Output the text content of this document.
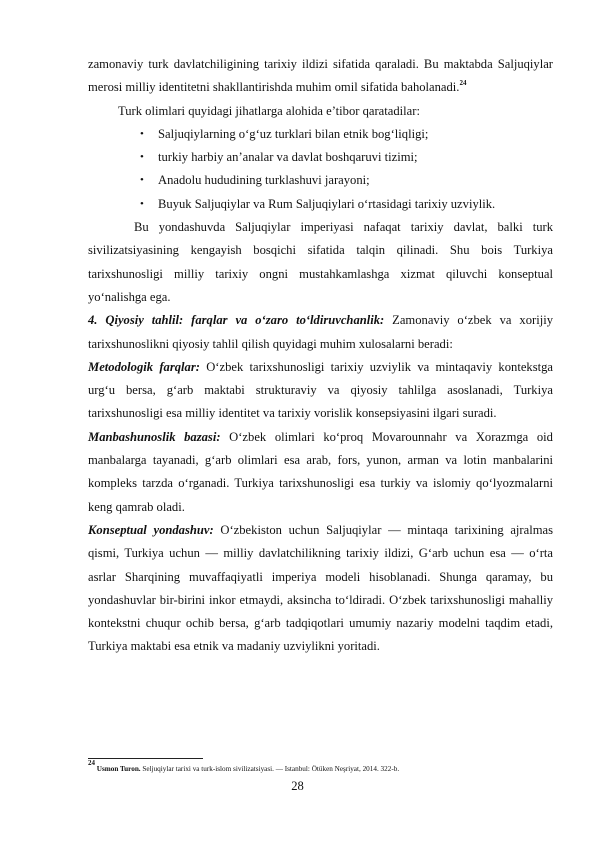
zamonaviy turk davlatchiligining tarixiy ildizi sifatida qaraladi. Bu maktabda Saljuqiylar merosi milliy identitetni shakllantirishda muhim omil sifatida baholanadi.$^{24}$

Turk olimlari quyidagi jihatlarga alohida e’tibor qaratadilar:

• Saljuqiylarning o‘g‘uz turklari bilan etnik bog‘liqligi;
• turkiy harbiy an’analar va davlat boshqaruvi tizimi;
• Anadolu hududining turklashuvi jarayoni;
• Buyuk Saljuqiylar va Rum Saljuqiylari o‘rtasidagi tarixiy uzviylik.

Bu yondashuvda Saljuqiylar imperiyasi nafaqat tarixiy davlat, balki turk sivilizatsiyasining kengayish bosqichi sifatida talqin qilinadi. Shu bois Turkiya tarixshunosligi milliy tarixiy ongni mustahkamlashga xizmat qiluvchi konseptual yo‘nalishga ega.

4. Qiyosiy tahlil: farqlar va o‘zaro to‘ldiruvchanlik: Zamonaviy o‘zbek va xorijiy tarixshunoslikni qiyosiy tahlil qilish quyidagi muhim xulosalarni beradi:

Metodologik farqlar: O‘zbek tarixshunosligi tarixiy uzviylik va mintaqaviy kontekstga urg‘u bersa, g‘arb maktabi strukturaviy va qiyosiy tahlilga asoslanadi, Turkiya tarixshunosligi esa milliy identitet va tarixiy vorislik konsepsiyasini ilgari suradi.

Manbashunoslik bazasi: O‘zbek olimlari ko‘proq Movarounnahr va Xorazmga oid manbalarga tayanadi, g‘arb olimlari esa arab, fors, yunon, arman va lotin manbalarini kompleks tarzda o‘rganadi. Turkiya tarixshunosligi esa turkiy va islomiy qo‘lyozmalarni keng qamrab oladi.

Konseptual yondashuv: O‘zbekiston uchun Saljuqiylar — mintaqa tarixining ajralmas qismi, Turkiya uchun — milliy davlatchilikning tarixiy ildizi, G‘arb uchun esa — o‘rta asrlar Sharqining muvaffaqiyatli imperiya modeli hisoblanadi. Shunga qaramay, bu yondashuvlar bir-birini inkor etmaydi, aksincha to‘ldiradi. O‘zbek tarixshunosligi mahalliy kontekstni chuqur ochib bersa, g‘arb tadqiqotlari umumiy nazariy modelni taqdim etadi, Turkiya maktabi esa etnik va madaniy uzviylikni yoritadi.

$^{24}$ Usmon Turon. Seljuqiylar tarixi va turk-islom sivilizatsiyasi. — Istanbul: Ötüken Neşriyat, 2014. 322-b.
28
